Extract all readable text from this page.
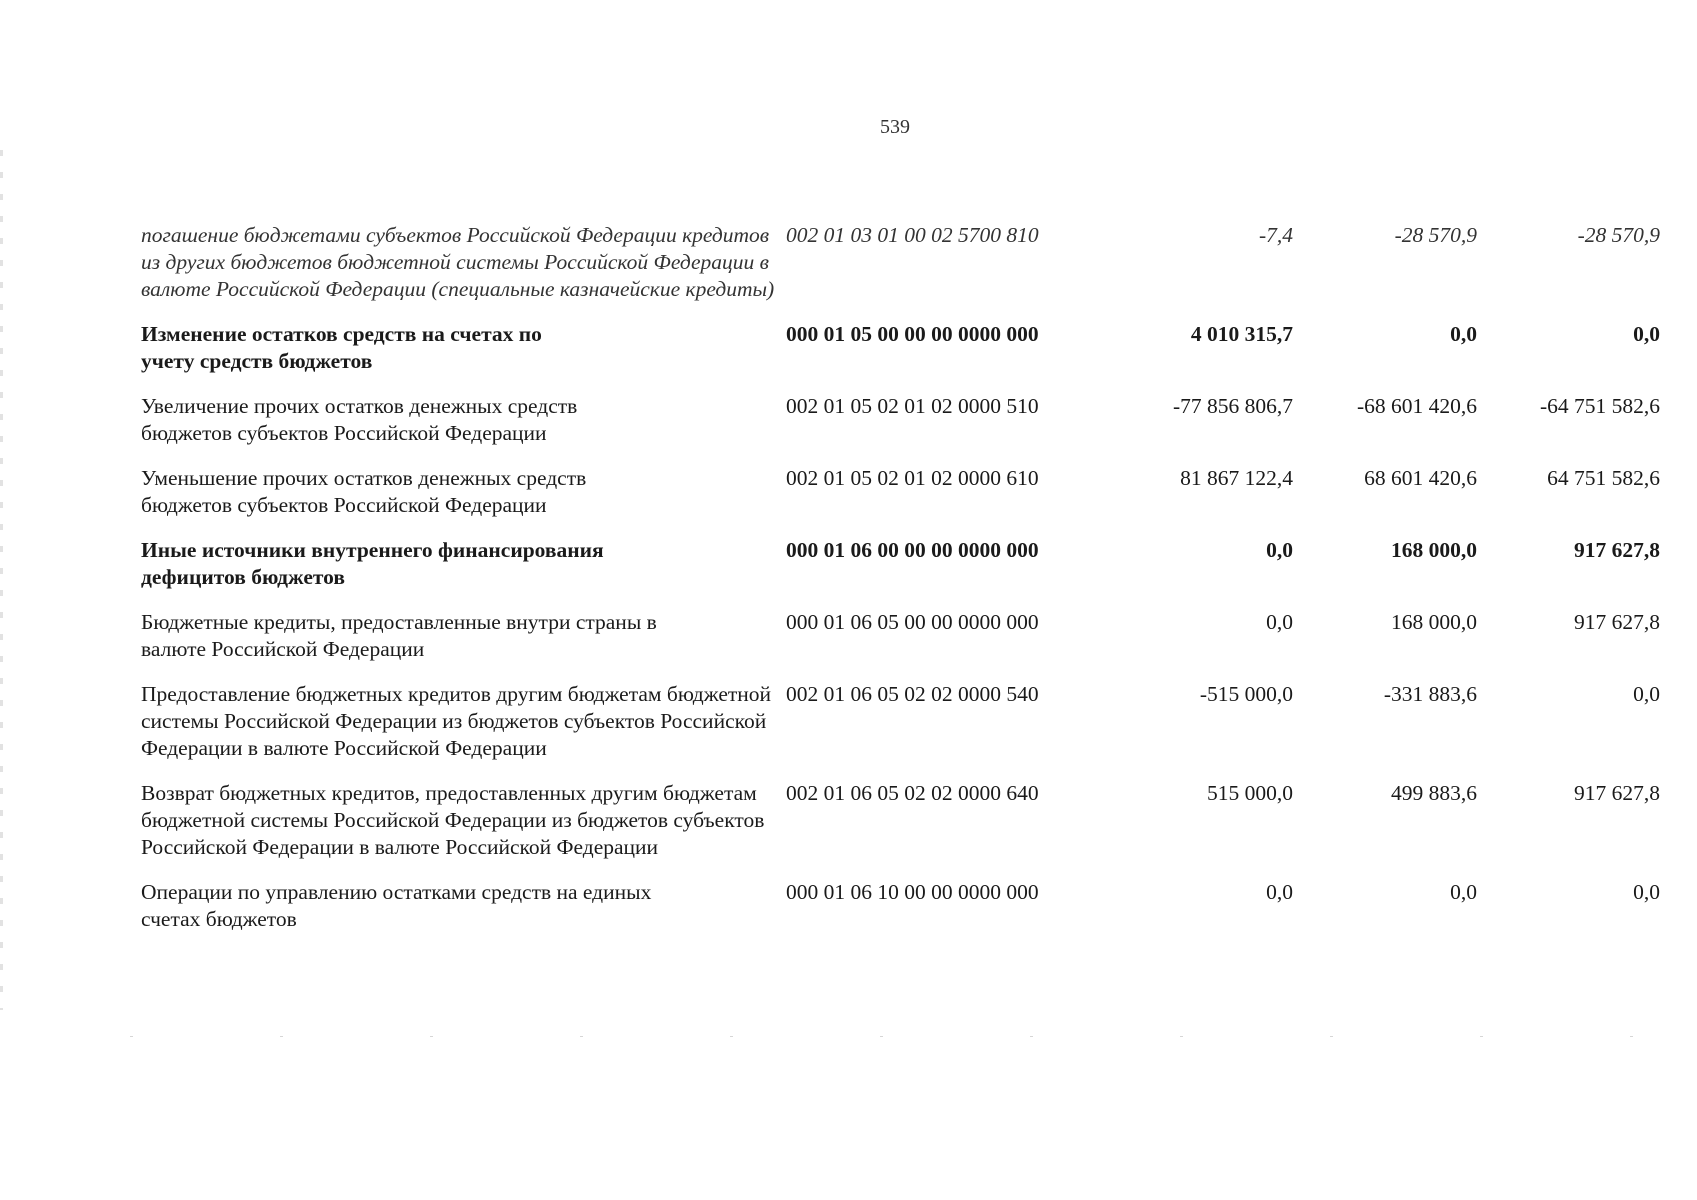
539
погашение бюджетами субъектов Российской Федерации кредитов из других бюджетов бюджетной системы Российской Федерации в валюте Российской Федерации (специальные казначейские кредиты)
002 01 03 01 00 02 5700 810	-7,4	-28 570,9	-28 570,9
Изменение остатков средств на счетах по учету средств бюджетов
000 01 05 00 00 00 0000 000	4 010 315,7	0,0	0,0
Увеличение прочих остатков денежных средств бюджетов субъектов Российской Федерации
002 01 05 02 01 02 0000 510	-77 856 806,7	-68 601 420,6	-64 751 582,6
Уменьшение прочих остатков денежных средств бюджетов субъектов Российской Федерации
002 01 05 02 01 02 0000 610	81 867 122,4	68 601 420,6	64 751 582,6
Иные источники внутреннего финансирования дефицитов бюджетов
000 01 06 00 00 00 0000 000	0,0	168 000,0	917 627,8
Бюджетные кредиты, предоставленные внутри страны в валюте Российской Федерации
000 01 06 05 00 00 0000 000	0,0	168 000,0	917 627,8
Предоставление бюджетных кредитов другим бюджетам бюджетной системы Российской Федерации из бюджетов субъектов Российской Федерации в валюте Российской Федерации
002 01 06 05 02 02 0000 540	-515 000,0	-331 883,6	0,0
Возврат бюджетных кредитов, предоставленных другим бюджетам бюджетной системы Российской Федерации из бюджетов субъектов Российской Федерации в валюте Российской Федерации
002 01 06 05 02 02 0000 640	515 000,0	499 883,6	917 627,8
Операции по управлению остатками средств на единых счетах бюджетов
000 01 06 10 00 00 0000 000	0,0	0,0	0,0
